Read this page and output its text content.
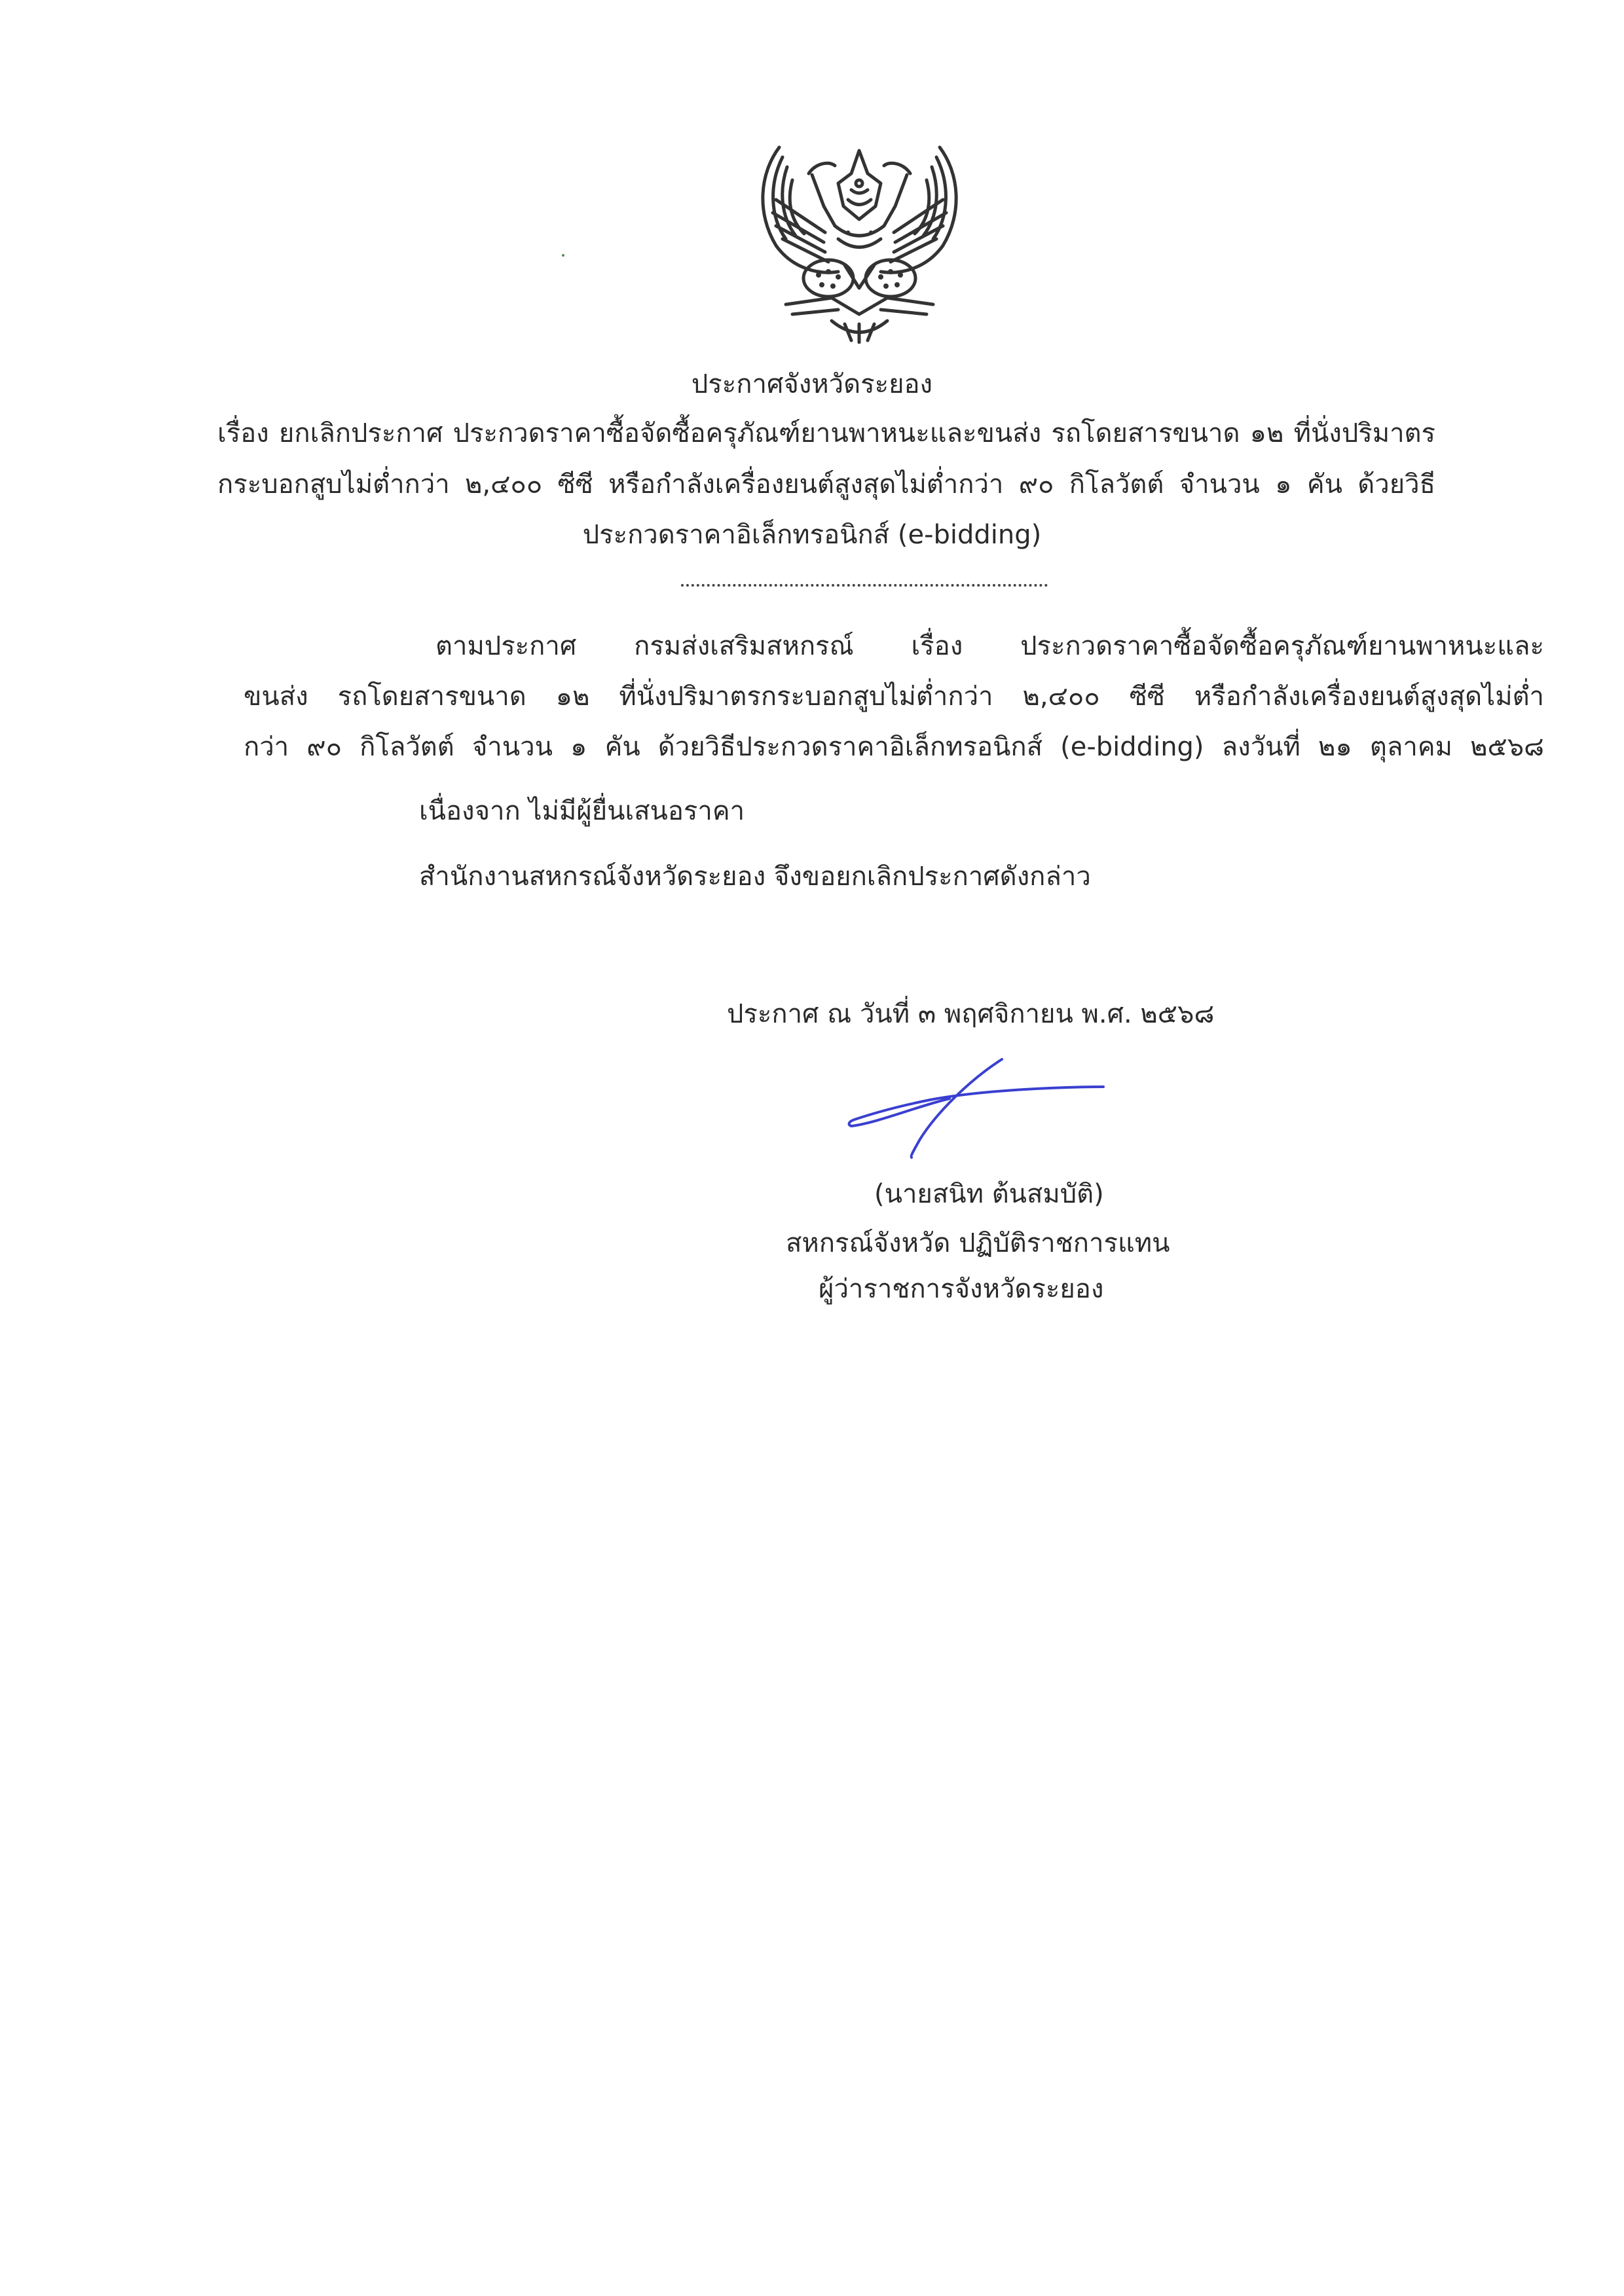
ประกาศจังหวัดระยอง
เรื่อง ยกเลิกประกาศ ประกวดราคาซื้อจัดซื้อครุภัณฑ์ยานพาหนะและขนส่ง รถโดยสารขนาด ๑๒ ที่นั่งปริมาตร
กระบอกสูบไม่ต่ำกว่า ๒,๔๐๐ ซีซี หรือกำลังเครื่องยนต์สูงสุดไม่ต่ำกว่า ๙๐ กิโลวัตต์ จำนวน ๑ คัน ด้วยวิธี
ประกวดราคาอิเล็กทรอนิกส์ (e-bidding)
ตามประกาศ กรมส่งเสริมสหกรณ์ เรื่อง ประกวดราคาซื้อจัดซื้อครุภัณฑ์ยานพาหนะและ
ขนส่ง รถโดยสารขนาด ๑๒ ที่นั่งปริมาตรกระบอกสูบไม่ต่ำกว่า ๒,๔๐๐ ซีซี หรือกำลังเครื่องยนต์สูงสุดไม่ต่ำ
กว่า ๙๐ กิโลวัตต์ จำนวน ๑ คัน ด้วยวิธีประกวดราคาอิเล็กทรอนิกส์ (e-bidding) ลงวันที่ ๒๑ ตุลาคม ๒๕๖๘
เนื่องจาก ไม่มีผู้ยื่นเสนอราคา
สำนักงานสหกรณ์จังหวัดระยอง จึงขอยกเลิกประกาศดังกล่าว
ประกาศ ณ วันที่ ๓ พฤศจิกายน พ.ศ. ๒๕๖๘
(นายสนิท ต้นสมบัติ)
สหกรณ์จังหวัด ปฏิบัติราชการแทน
ผู้ว่าราชการจังหวัดระยอง
